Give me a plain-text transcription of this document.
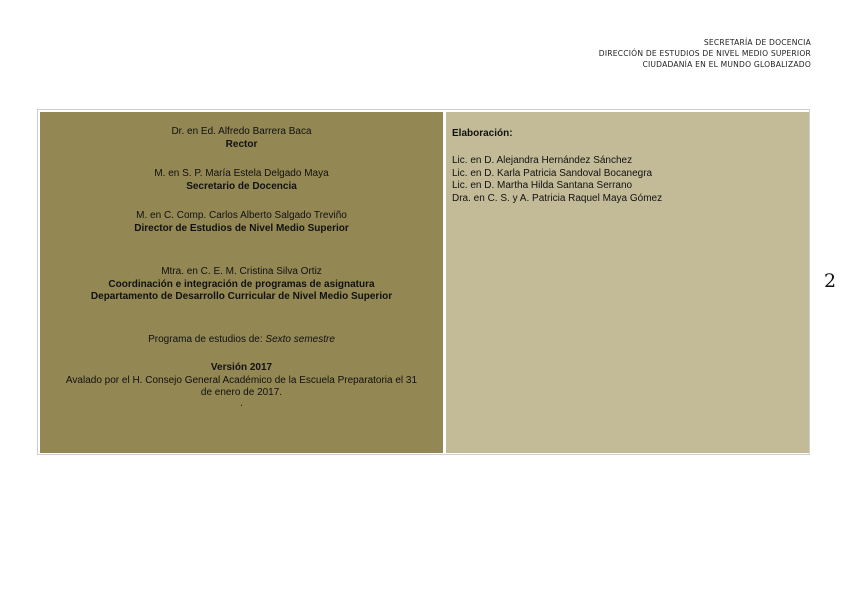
SECRETARÍA DE DOCENCIA
DIRECCIÓN DE ESTUDIOS DE NIVEL MEDIO SUPERIOR
CIUDADANÍA EN EL MUNDO GLOBALIZADO
Dr. en Ed. Alfredo Barrera Baca
Rector
M. en S. P. María Estela Delgado Maya
Secretario de Docencia
M. en C. Comp. Carlos Alberto Salgado Treviño
Director de Estudios de Nivel Medio Superior
Mtra. en C. E. M. Cristina Silva Ortiz
Coordinación e integración de programas de asignatura
Departamento de Desarrollo Curricular de Nivel Medio Superior
Programa de estudios de: Sexto semestre
Versión 2017
Avalado por el H. Consejo General Académico de la Escuela Preparatoria el 31
de enero de 2017.
.
Elaboración:
Lic. en D. Alejandra Hernández Sánchez
Lic. en D. Karla Patricia Sandoval Bocanegra
Lic. en D. Martha Hilda Santana Serrano
Dra. en C. S. y A. Patricia Raquel Maya Gómez
2
